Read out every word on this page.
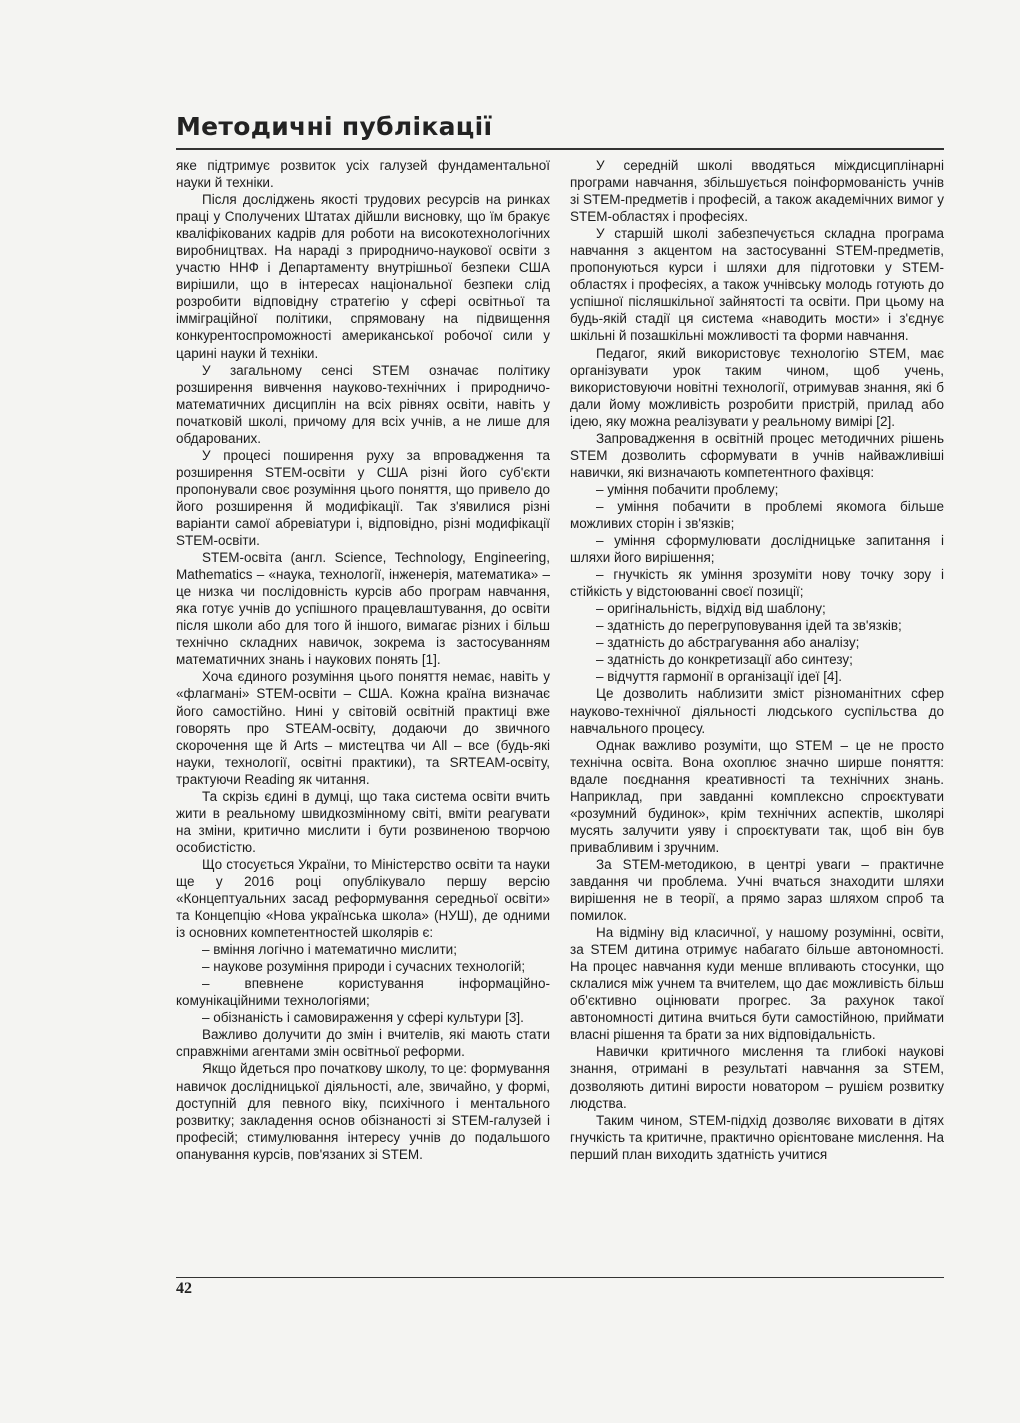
Методичні публікації

яке підтримує розвиток усіх галузей фундаментальної науки й техніки.

Після досліджень якості трудових ресурсів на ринках праці у Сполучених Штатах дійшли висновку, що їм бракує кваліфікованих кадрів для роботи на високотехнологічних виробництвах. На нараді з природничо-наукової освіти з участю ННФ і Департаменту внутрішньої безпеки США вирішили, що в інтересах національної безпеки слід розробити відповідну стратегію у сфері освітньої та імміграційної політики, спрямовану на підвищення конкурентоспроможності американської робочої сили у царині науки й техніки.

У загальному сенсі STEM означає політику розширення вивчення науково-технічних і природничо-математичних дисциплін на всіх рівнях освіти, навіть у початковій школі, причому для всіх учнів, а не лише для обдарованих.

У процесі поширення руху за впровадження та розширення STEM-освіти у США різні його суб'єкти пропонували своє розуміння цього поняття, що привело до його розширення й модифікації. Так з'явилися різні варіанти самої абревіатури і, відповідно, різні модифікації STEM-освіти.

STEM-освіта (англ. Science, Technology, Engineering, Mathematics – «наука, технології, інженерія, математика» – це низка чи послідовність курсів або програм навчання, яка готує учнів до успішного працевлаштування, до освіти після школи або для того й іншого, вимагає різних і більш технічно складних навичок, зокрема із застосуванням математичних знань і наукових понять [1].

Хоча єдиного розуміння цього поняття немає, навіть у «флагмані» STEM-освіти – США. Кожна країна визначає його самостійно. Нині у світовій освітній практиці вже говорять про STEAM-освіту, додаючи до звичного скорочення ще й Arts – мистецтва чи All – все (будь-які науки, технології, освітні практики), та SRTEAM-освіту, трактуючи Reading як читання.

Та скрізь єдині в думці, що така система освіти вчить жити в реальному швидкозмінному світі, вміти реагувати на зміни, критично мислити і бути розвиненою творчою особистістю.

Що стосується України, то Міністерство освіти та науки ще у 2016 році опублікувало першу версію «Концептуальних засад реформування середньої освіти» та Концепцію «Нова українська школа» (НУШ), де одними із основних компетентностей школярів є:

– вміння логічно і математично мислити;

– наукове розуміння природи і сучасних технологій;

– впевнене користування інформаційно-комунікаційними технологіями;

– обізнаність і самовираження у сфері культури [3].

Важливо долучити до змін і вчителів, які мають стати справжніми агентами змін освітньої реформи.

Якщо йдеться про початкову школу, то це: формування навичок дослідницької діяльності, але, звичайно, у формі, доступній для певного віку, психічного і ментального розвитку; закладення основ обізнаності зі STEM-галузей і професій; стимулювання інтересу учнів до подальшого опанування курсів, пов'язаних зі STEM.

У середній школі вводяться міждисциплінарні програми навчання, збільшується поінформованість учнів зі STEM-предметів і професій, а також академічних вимог у STEM-областях і професіях.

У старшій школі забезпечується складна програма навчання з акцентом на застосуванні STEM-предметів, пропонуються курси і шляхи для підготовки у STEM-областях і професіях, а також учнівську молодь готують до успішної післяшкільної зайнятості та освіти. При цьому на будь-якій стадії ця система «наводить мости» і з'єднує шкільні й позашкільні можливості та форми навчання.

Педагог, який використовує технологію STEM, має організувати урок таким чином, щоб учень, використовуючи новітні технології, отримував знання, які б дали йому можливість розробити пристрій, прилад або ідею, яку можна реалізувати у реальному вимірі [2].

Запровадження в освітній процес методичних рішень STEM дозволить сформувати в учнів найважливіші навички, які визначають компетентного фахівця:

– уміння побачити проблему;

– уміння побачити в проблемі якомога більше можливих сторін і зв'язків;

– уміння сформулювати дослідницьке запитання і шляхи його вирішення;

– гнучкість як уміння зрозуміти нову точку зору і стійкість у відстоюванні своєї позиції;

– оригінальність, відхід від шаблону;

– здатність до перегруповування ідей та зв'язків;

– здатність до абстрагування або аналізу;

– здатність до конкретизації або синтезу;

– відчуття гармонії в організації ідеї [4].

Це дозволить наблизити зміст різноманітних сфер науково-технічної діяльності людського суспільства до навчального процесу.

Однак важливо розуміти, що STEM – це не просто технічна освіта. Вона охоплює значно ширше поняття: вдале поєднання креативності та технічних знань. Наприклад, при завданні комплексно спроєктувати «розумний будинок», крім технічних аспектів, школярі мусять залучити уяву і спроєктувати так, щоб він був привабливим і зручним.

За STEM-методикою, в центрі уваги – практичне завдання чи проблема. Учні вчаться знаходити шляхи вирішення не в теорії, а прямо зараз шляхом спроб та помилок.

На відміну від класичної, у нашому розумінні, освіти, за STEM дитина отримує набагато більше автономності. На процес навчання куди менше впливають стосунки, що склалися між учнем та вчителем, що дає можливість більш об'єктивно оцінювати прогрес. За рахунок такої автономності дитина вчиться бути самостійною, приймати власні рішення та брати за них відповідальність.

Навички критичного мислення та глибокі наукові знання, отримані в результаті навчання за STEM, дозволяють дитині вирости новатором – рушієм розвитку людства.

Таким чином, STEM-підхід дозволяє виховати в дітях гнучкість та критичне, практично орієнтоване мислення. На перший план виходить здатність учитися

42
